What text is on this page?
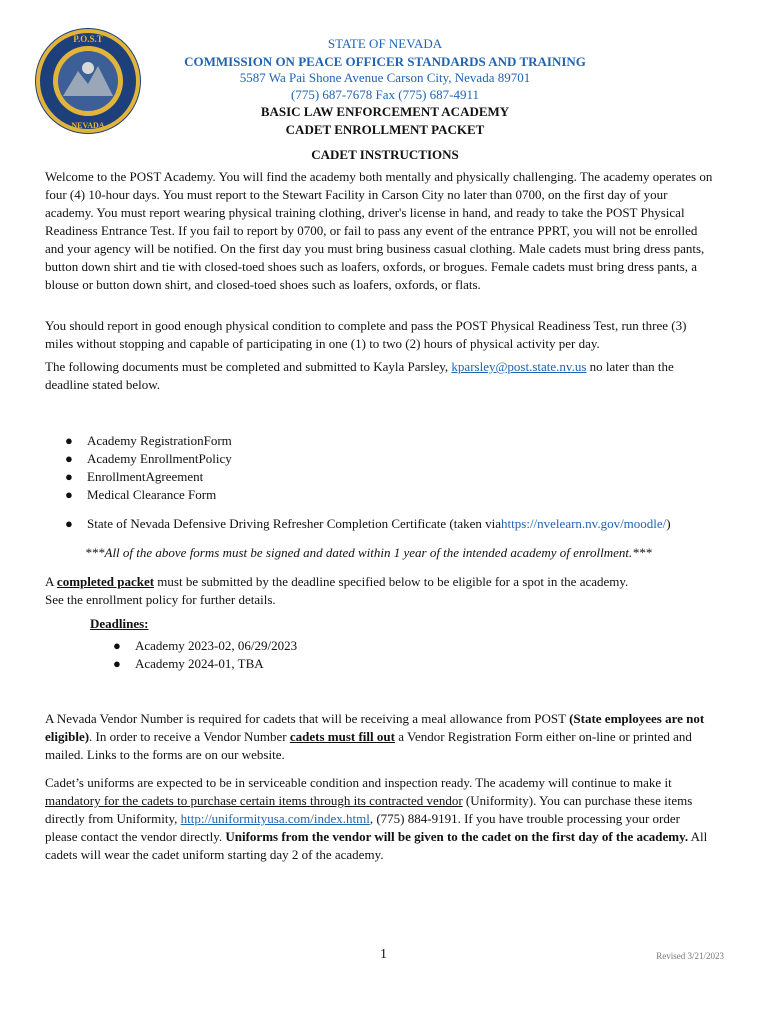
P.O.S.T
NEVADA
STATE OF NEVADA
COMMISSION ON PEACE OFFICER STANDARDS AND TRAINING
5587 Wa Pai Shone Avenue Carson City, Nevada 89701
(775) 687-7678 Fax (775) 687-4911
BASIC LAW ENFORCEMENT ACADEMY
CADET ENROLLMENT PACKET
CADET INSTRUCTIONS

Welcome to the POST Academy. You will find the academy both mentally and physically challenging. The academy operates on four (4) 10-hour days. You must report to the Stewart Facility in Carson City no later than 0700, on the first day of your academy. You must report wearing physical training clothing, driver's license in hand, and ready to take the POST Physical Readiness Entrance Test. If you fail to report by 0700, or fail to pass any event of the entrance PPRT, you will not be enrolled and your agency will be notified. On the first day you must bring business casual clothing. Male cadets must bring dress pants, button down shirt and tie with closed-toed shoes such as loafers, oxfords, or brogues. Female cadets must bring dress pants, a blouse or button down shirt, and closed-toed shoes such as loafers, oxfords, or flats.

You should report in good enough physical condition to complete and pass the POST Physical Readiness Test, run three (3) miles without stopping and capable of participating in one (1) to two (2) hours of physical activity per day.

The following documents must be completed and submitted to Kayla Parsley, kparsley@post.state.nv.us no later than the deadline stated below.

●	Academy RegistrationForm
●	Academy EnrollmentPolicy
●	EnrollmentAgreement
●	Medical Clearance Form
●	State of Nevada Defensive Driving Refresher Completion Certificate (taken viahttps://nvelearn.nv.gov/moodle/)
***All of the above forms must be signed and dated within 1 year of the intended academy of enrollment.***

A completed packet must be submitted by the deadline specified below to be eligible for a spot in the academy.
See the enrollment policy for further details.

Deadlines:
●	Academy 2023-02, 06/29/2023
●	Academy 2024-01, TBA

A Nevada Vendor Number is required for cadets that will be receiving a meal allowance from POST (State employees are not eligible). In order to receive a Vendor Number cadets must fill out a Vendor Registration Form either on-line or printed and mailed. Links to the forms are on our website.

Cadet’s uniforms are expected to be in serviceable condition and inspection ready. The academy will continue to make it mandatory for the cadets to purchase certain items through its contracted vendor (Uniformity). You can purchase these items directly from Uniformity, http://uniformityusa.com/index.html, (775) 884-9191. If you have trouble processing your order please contact the vendor directly. Uniforms from the vendor will be given to the cadet on the first day of the academy. All cadets will wear the cadet uniform starting day 2 of the academy.

1	Revised 3/21/2023
